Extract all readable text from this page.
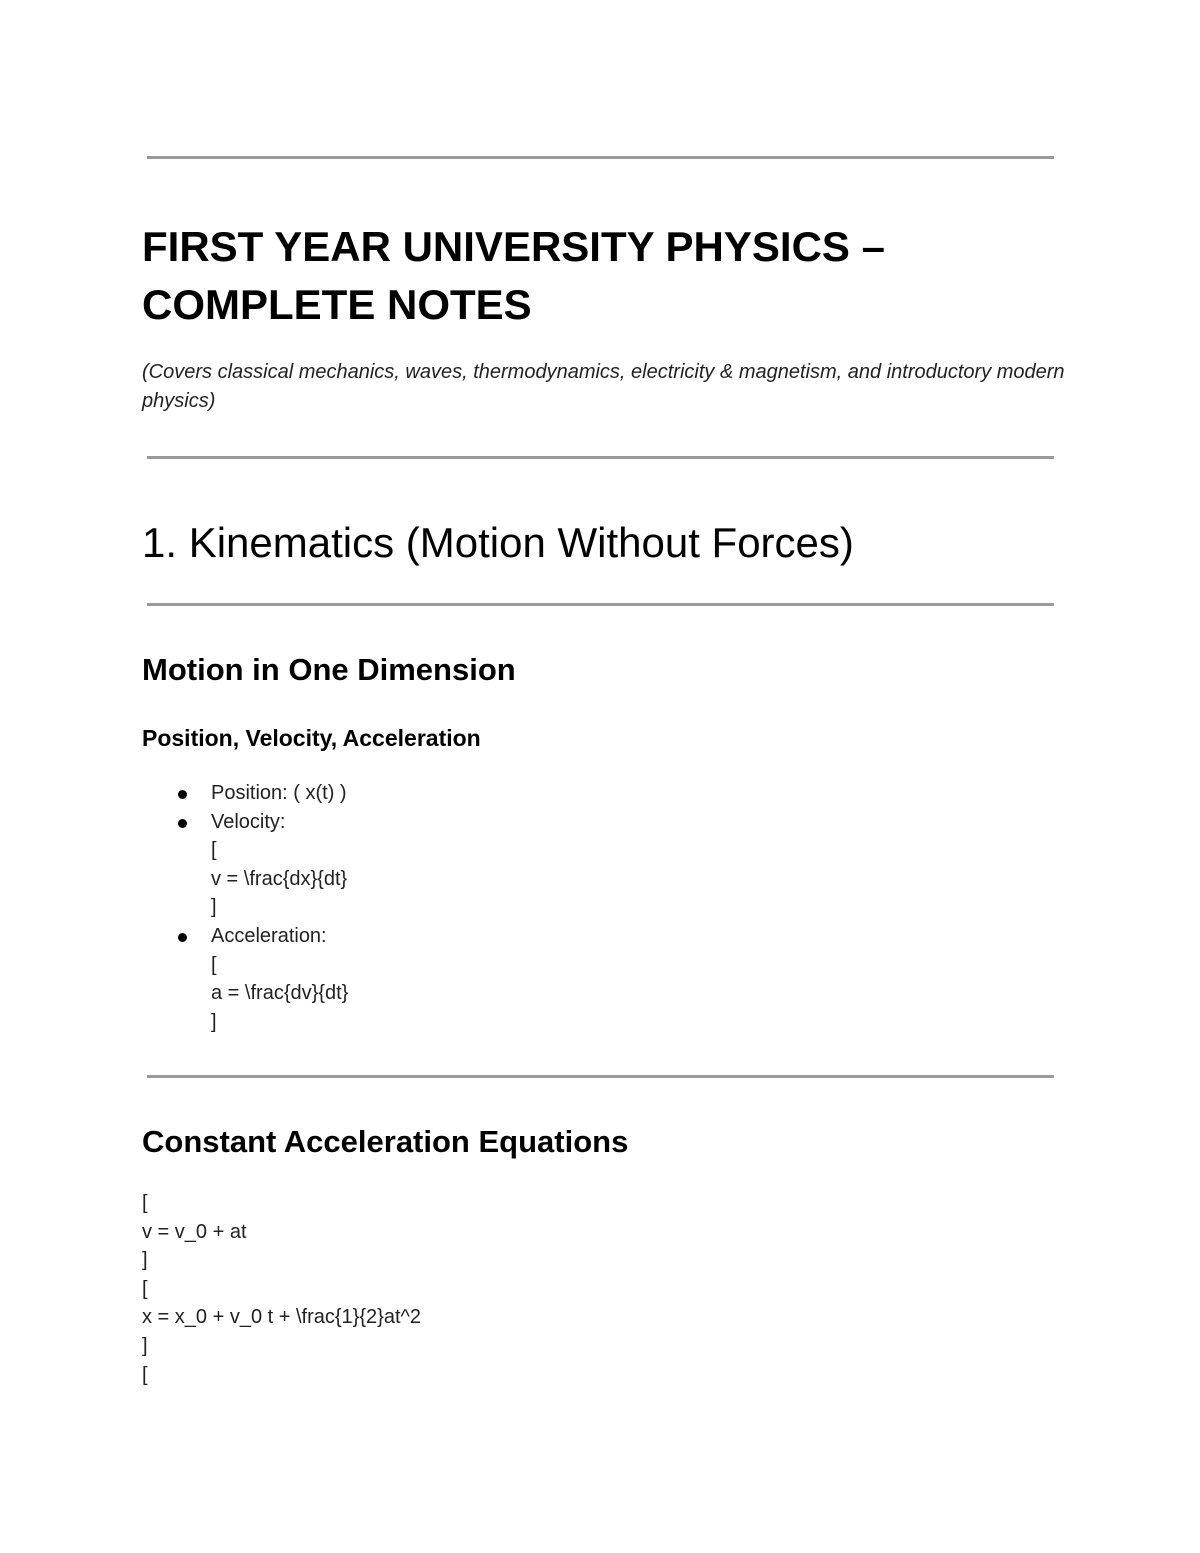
FIRST YEAR UNIVERSITY PHYSICS – COMPLETE NOTES

(Covers classical mechanics, waves, thermodynamics, electricity & magnetism, and introductory modern physics)

1. Kinematics (Motion Without Forces)
Motion in One Dimension
Position, Velocity, Acceleration
Position: ( x(t) )
Velocity:
[
v = \frac{dx}{dt}
]
Acceleration:
[
a = \frac{dv}{dt}
]
Constant Acceleration Equations
[
v = v_0 + at
]
[
x = x_0 + v_0 t + \frac{1}{2}at^2
]
[
